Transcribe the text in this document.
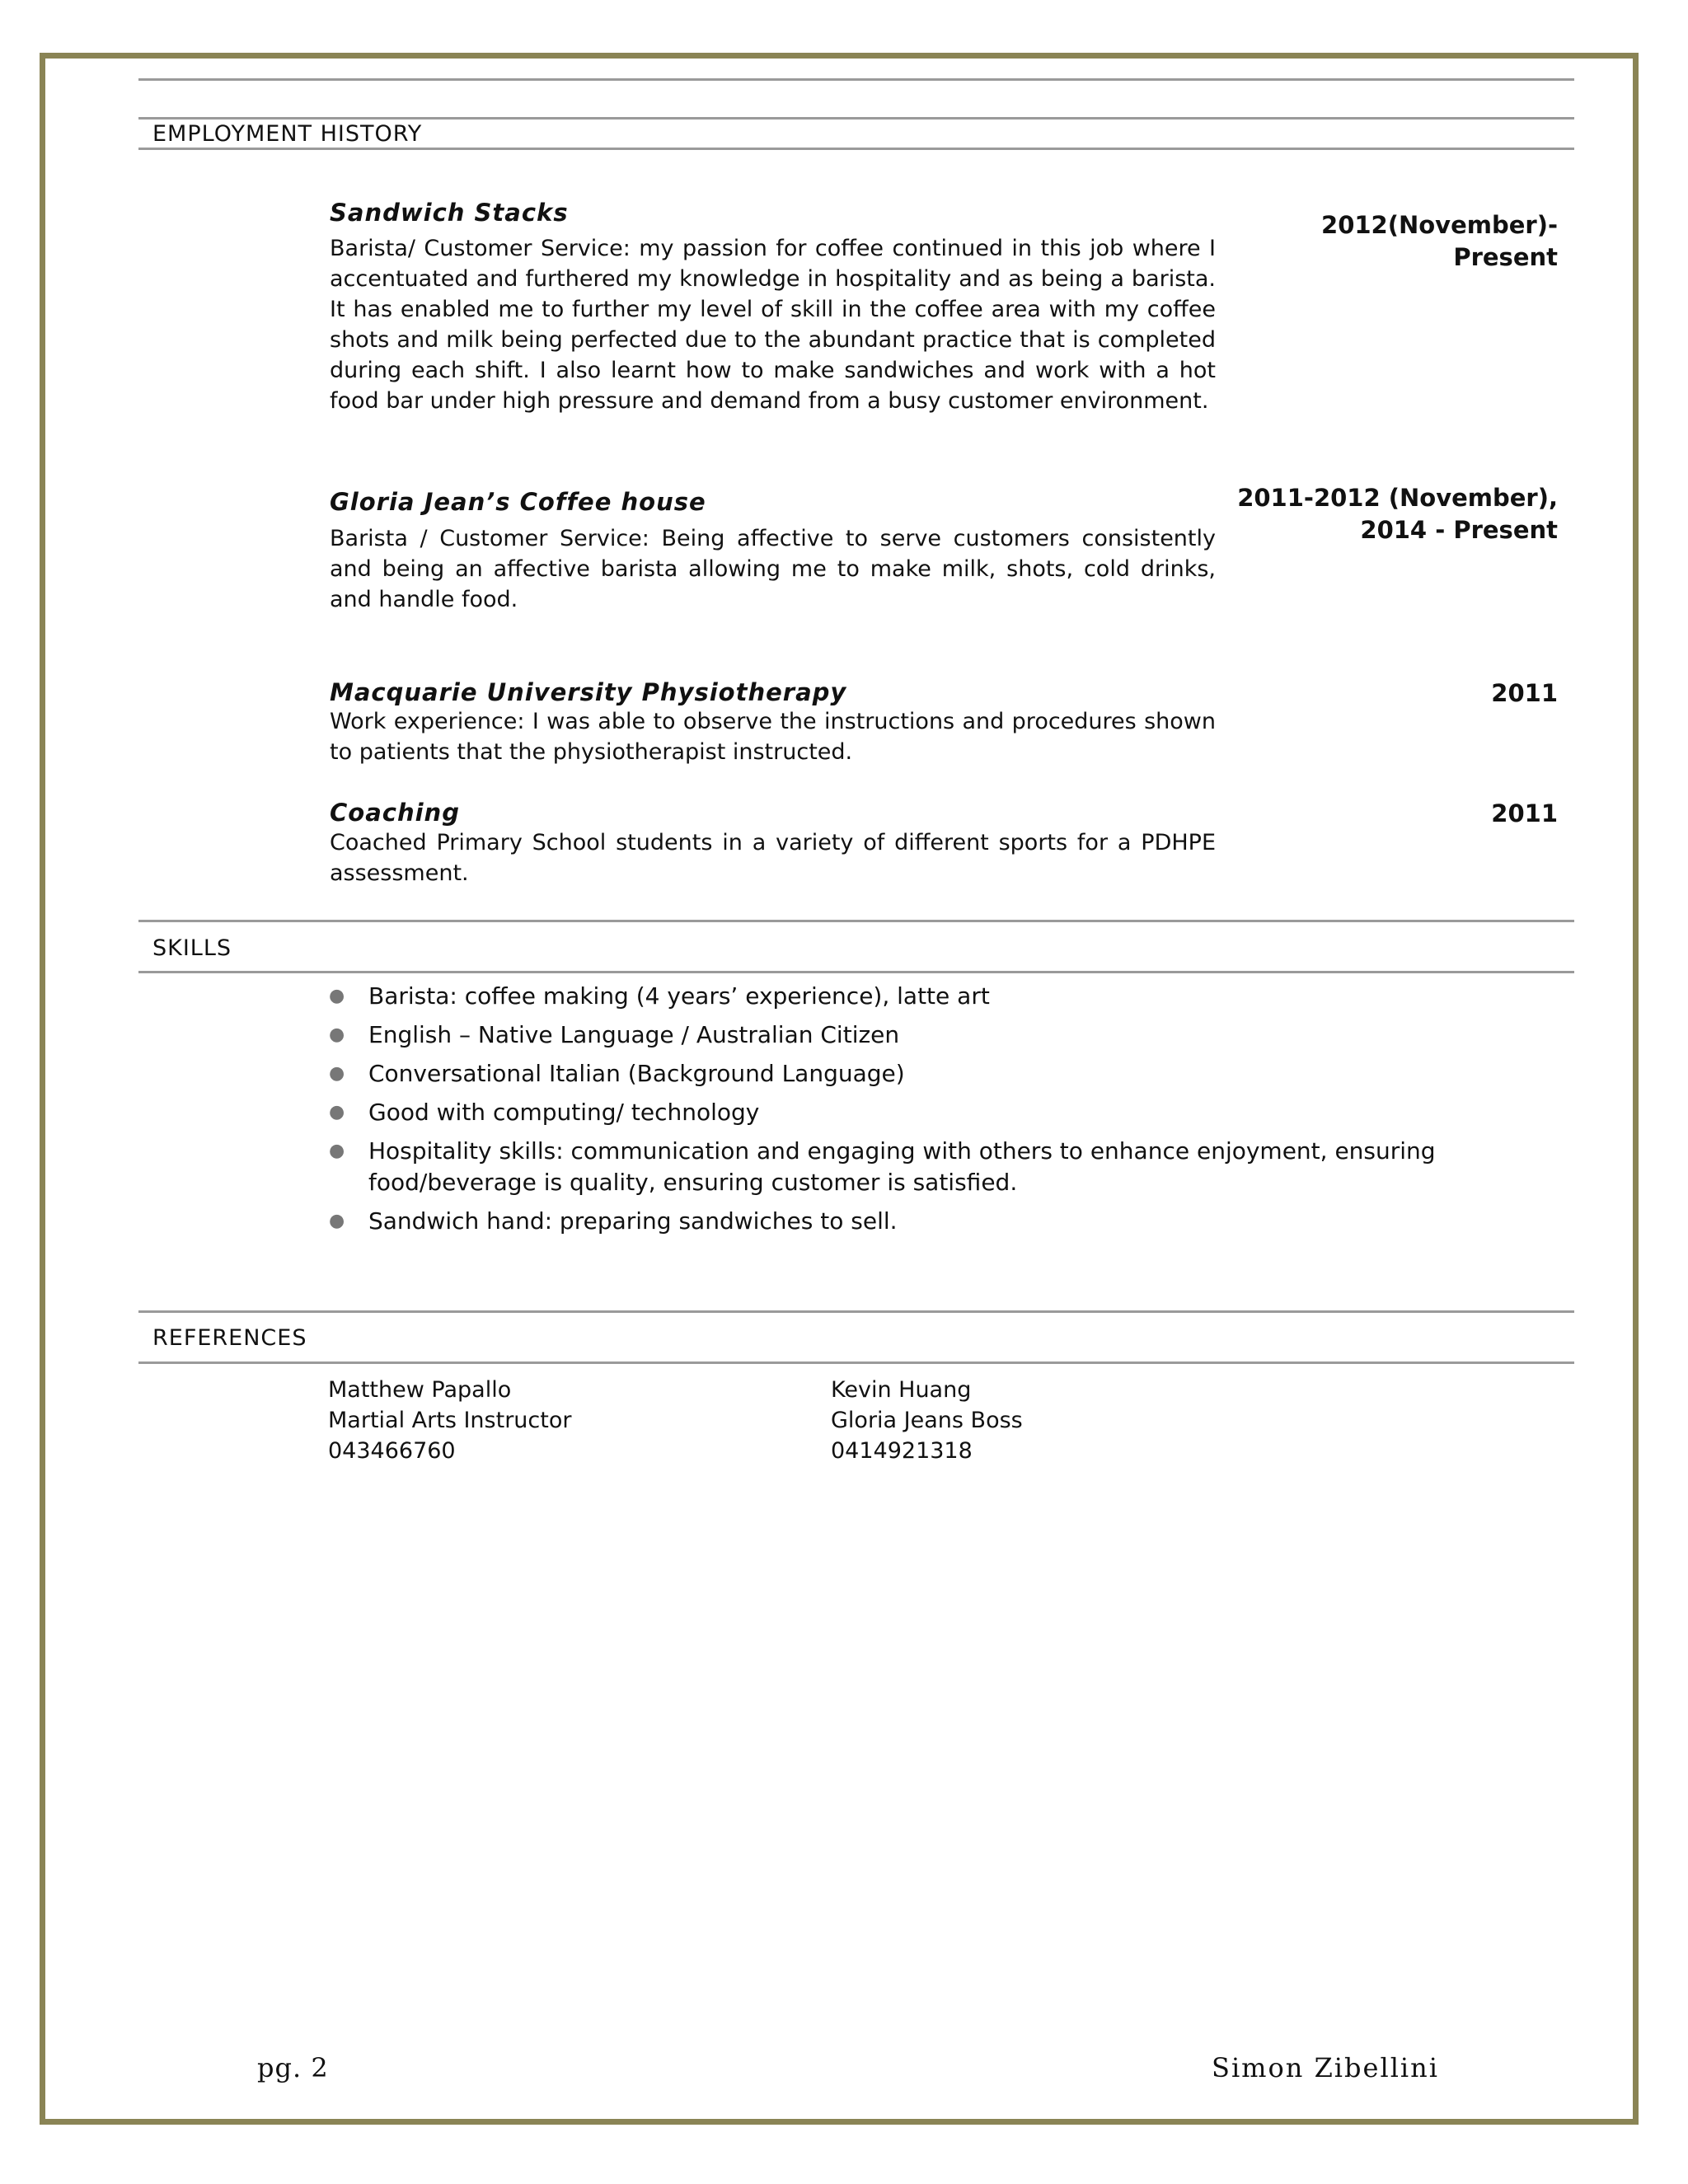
EMPLOYMENT HISTORY
Sandwich Stacks
Barista/ Customer Service: my passion for coffee continued in this job where I accentuated and furthered my knowledge in hospitality and as being a barista. It has enabled me to further my level of skill in the coffee area with my coffee shots and milk being perfected due to the abundant practice that is completed during each shift. I also learnt how to make sandwiches and work with a hot food bar under high pressure and demand from a busy customer environment.
2012(November)-
Present
Gloria Jean’s Coffee house
Barista / Customer Service: Being affective to serve customers consistently and being an affective barista allowing me to make milk, shots, cold drinks, and handle food.
2011-2012 (November),
2014 - Present
Macquarie University Physiotherapy
Work experience: I was able to observe the instructions and procedures shown to patients that the physiotherapist instructed.
2011
Coaching
Coached Primary School students in a variety of different sports for a PDHPE assessment.
2011
SKILLS
● Barista: coffee making (4 years’ experience), latte art
● English – Native Language / Australian Citizen
● Conversational Italian (Background Language)
● Good with computing/ technology
● Hospitality skills: communication and engaging with others to enhance enjoyment, ensuring food/beverage is quality, ensuring customer is satisfied.
● Sandwich hand: preparing sandwiches to sell.
REFERENCES
Matthew Papallo
Martial Arts Instructor
043466760
Kevin Huang
Gloria Jeans Boss
0414921318
pg. 2	Simon Zibellini
